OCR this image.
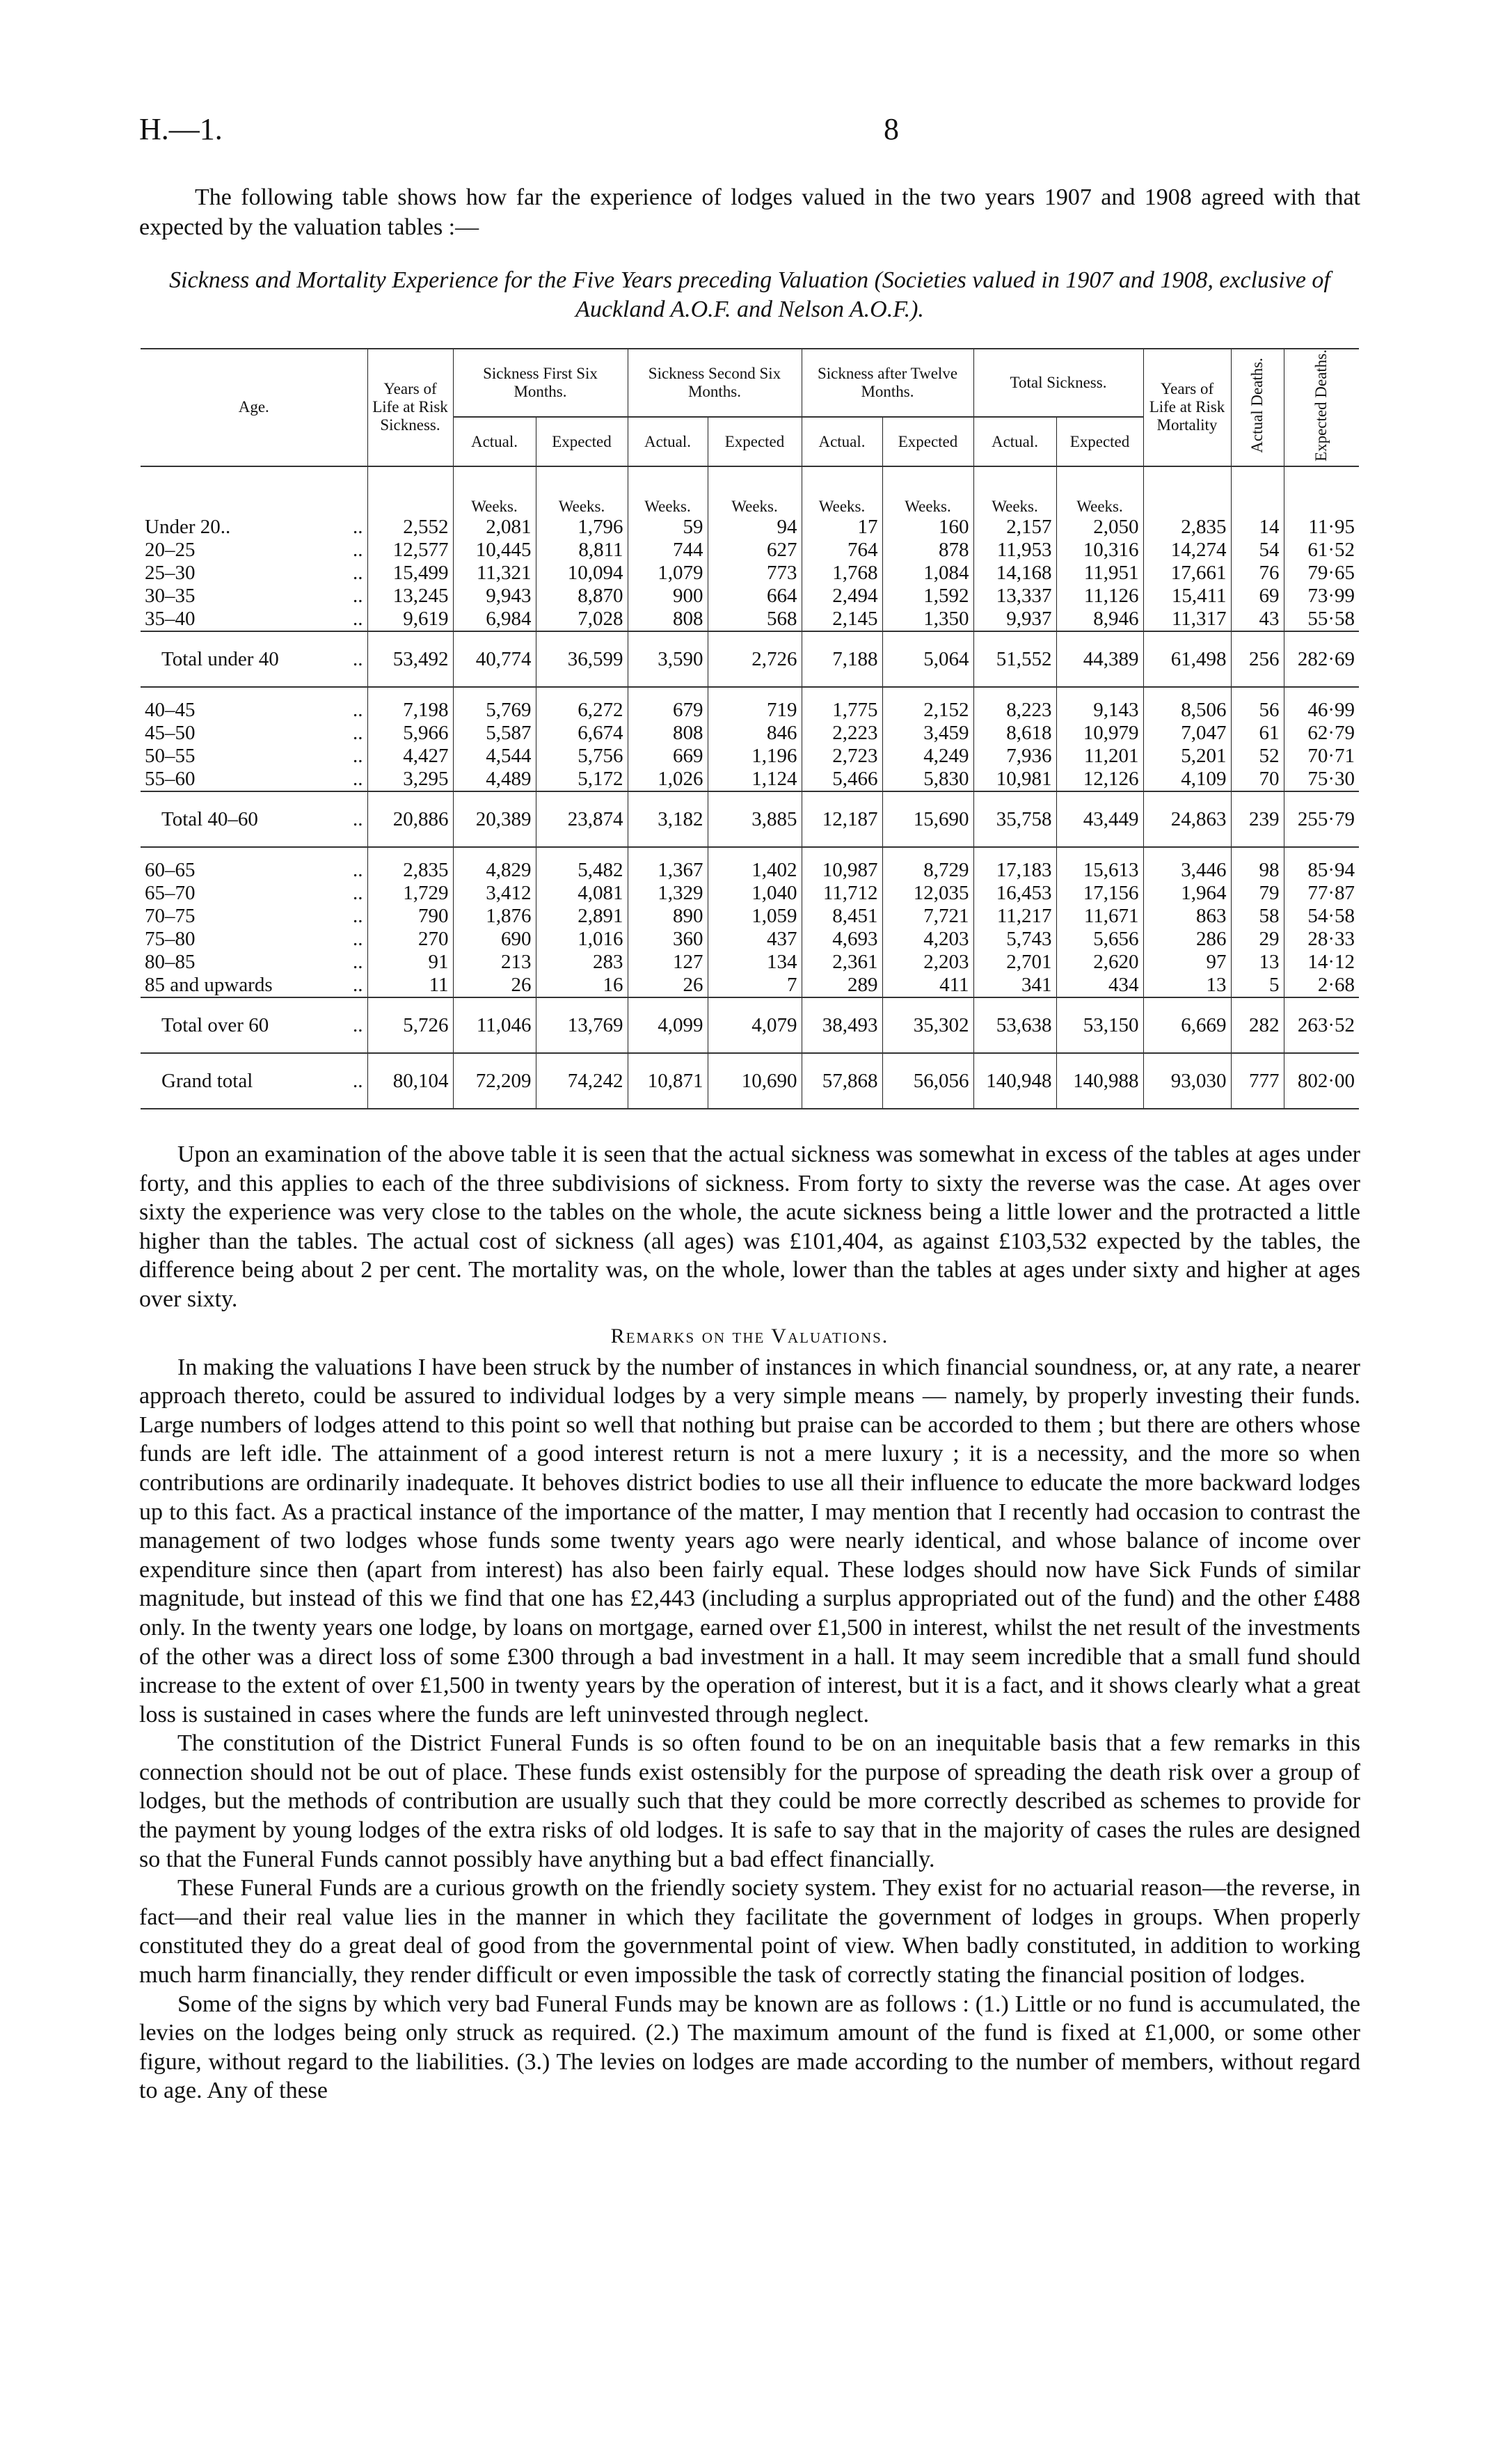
H.—1.	8
The following table shows how far the experience of lodges valued in the two years 1907 and 1908 agreed with that expected by the valuation tables :—
Sickness and Mortality Experience for the Five Years preceding Valuation (Societies valued in 1907 and 1908, exclusive of Auckland A.O.F. and Nelson A.O.F.).
Age.	Years of Life at Risk Sickness.	Sickness First Six Months.		Sickness Second Six Months.		Sickness after Twelve Months.		Total Sickness.		Years of Life at Risk Mortality	Actual Deaths.	Expected Deaths.
		Actual.	Expected	Actual.	Expected	Actual.	Expected	Actual.	Expected			
		Weeks.	Weeks.	Weeks.	Weeks.	Weeks.	Weeks.	Weeks.	Weeks.			
Under 20.. ..	2,552	2,081	1,796	59	94	17	160	2,157	2,050	2,835	14	11·95
20–25 ..	12,577	10,445	8,811	744	627	764	878	11,953	10,316	14,274	54	61·52
25–30 ..	15,499	11,321	10,094	1,079	773	1,768	1,084	14,168	11,951	17,661	76	79·65
30–35 ..	13,245	9,943	8,870	900	664	2,494	1,592	13,337	11,126	15,411	69	73·99
35–40 ..	9,619	6,984	7,028	808	568	2,145	1,350	9,937	8,946	11,317	43	55·58
Total under 40 ..	53,492	40,774	36,599	3,590	2,726	7,188	5,064	51,552	44,389	61,498	256	282·69
40–45 ..	7,198	5,769	6,272	679	719	1,775	2,152	8,223	9,143	8,506	56	46·99
45–50 ..	5,966	5,587	6,674	808	846	2,223	3,459	8,618	10,979	7,047	61	62·79
50–55 ..	4,427	4,544	5,756	669	1,196	2,723	4,249	7,936	11,201	5,201	52	70·71
55–60 ..	3,295	4,489	5,172	1,026	1,124	5,466	5,830	10,981	12,126	4,109	70	75·30
Total 40–60 ..	20,886	20,389	23,874	3,182	3,885	12,187	15,690	35,758	43,449	24,863	239	255·79
60–65 ..	2,835	4,829	5,482	1,367	1,402	10,987	8,729	17,183	15,613	3,446	98	85·94
65–70 ..	1,729	3,412	4,081	1,329	1,040	11,712	12,035	16,453	17,156	1,964	79	77·87
70–75 ..	790	1,876	2,891	890	1,059	8,451	7,721	11,217	11,671	863	58	54·58
75–80 ..	270	690	1,016	360	437	4,693	4,203	5,743	5,656	286	29	28·33
80–85 ..	91	213	283	127	134	2,361	2,203	2,701	2,620	97	13	14·12
85 and upwards ..	11	26	16	26	7	289	411	341	434	13	5	2·68
Total over 60 ..	5,726	11,046	13,769	4,099	4,079	38,493	35,302	53,638	53,150	6,669	282	263·52
Grand total ..	80,104	72,209	74,242	10,871	10,690	57,868	56,056	140,948	140,988	93,030	777	802·00

Upon an examination of the above table it is seen that the actual sickness was somewhat in excess of the tables at ages under forty, and this applies to each of the three subdivisions of sickness. From forty to sixty the reverse was the case. At ages over sixty the experience was very close to the tables on the whole, the acute sickness being a little lower and the protracted a little higher than the tables. The actual cost of sickness (all ages) was £101,404, as against £103,532 expected by the tables, the difference being about 2 per cent. The mortality was, on the whole, lower than the tables at ages under sixty and higher at ages over sixty.

Remarks on the Valuations.

In making the valuations I have been struck by the number of instances in which financial soundness, or, at any rate, a nearer approach thereto, could be assured to individual lodges by a very simple means — namely, by properly investing their funds. Large numbers of lodges attend to this point so well that nothing but praise can be accorded to them ; but there are others whose funds are left idle. The attainment of a good interest return is not a mere luxury ; it is a necessity, and the more so when contributions are ordinarily inadequate. It behoves district bodies to use all their influence to educate the more backward lodges up to this fact. As a practical instance of the importance of the matter, I may mention that I recently had occasion to contrast the management of two lodges whose funds some twenty years ago were nearly identical, and whose balance of income over expenditure since then (apart from interest) has also been fairly equal. These lodges should now have Sick Funds of similar magnitude, but instead of this we find that one has £2,443 (including a surplus appropriated out of the fund) and the other £488 only. In the twenty years one lodge, by loans on mortgage, earned over £1,500 in interest, whilst the net result of the investments of the other was a direct loss of some £300 through a bad investment in a hall. It may seem incredible that a small fund should increase to the extent of over £1,500 in twenty years by the operation of interest, but it is a fact, and it shows clearly what a great loss is sustained in cases where the funds are left uninvested through neglect.

The constitution of the District Funeral Funds is so often found to be on an inequitable basis that a few remarks in this connection should not be out of place. These funds exist ostensibly for the purpose of spreading the death risk over a group of lodges, but the methods of contribution are usually such that they could be more correctly described as schemes to provide for the payment by young lodges of the extra risks of old lodges. It is safe to say that in the majority of cases the rules are designed so that the Funeral Funds cannot possibly have anything but a bad effect financially.

These Funeral Funds are a curious growth on the friendly society system. They exist for no actuarial reason—the reverse, in fact—and their real value lies in the manner in which they facilitate the government of lodges in groups. When properly constituted they do a great deal of good from the governmental point of view. When badly constituted, in addition to working much harm financially, they render difficult or even impossible the task of correctly stating the financial position of lodges.

Some of the signs by which very bad Funeral Funds may be known are as follows : (1.) Little or no fund is accumulated, the levies on the lodges being only struck as required. (2.) The maximum amount of the fund is fixed at £1,000, or some other figure, without regard to the liabilities. (3.) The levies on lodges are made according to the number of members, without regard to age. Any of these
